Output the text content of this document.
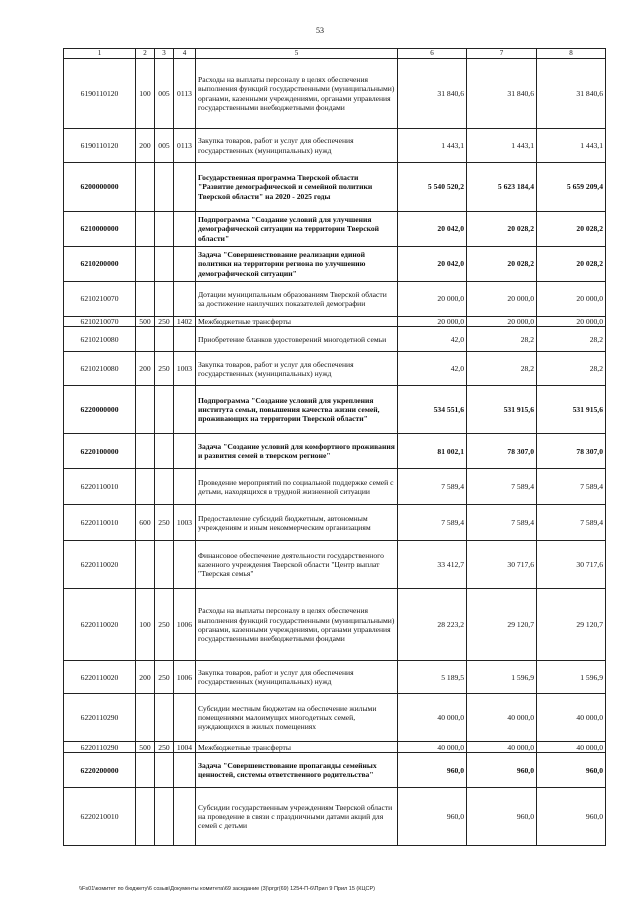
53
1	2	3	4	5	6	7	8
6190110120	100	005	0113	Расходы на выплаты персоналу в целях обеспечения выполнения функций государственными (муниципальными) органами, казенными учреждениями, органами управления государственными внебюджетными фондами	31 840,6	31 840,6	31 840,6
6190110120	200	005	0113	Закупка товаров, работ и услуг для обеспечения государственных (муниципальных) нужд	1 443,1	1 443,1	1 443,1
6200000000				Государственная программа Тверской области "Развитие демографической и семейной политики Тверской области" на 2020 - 2025 годы	5 540 520,2	5 623 184,4	5 659 209,4
6210000000				Подпрограмма "Создание условий для улучшения демографической ситуации на территории Тверской области"	20 042,0	20 028,2	20 028,2
6210200000				Задача "Совершенствование реализации единой политики на территории региона по улучшению демографической ситуации"	20 042,0	20 028,2	20 028,2
6210210070				Дотации муниципальным образованиям Тверской области за достижение наилучших показателей демографии	20 000,0	20 000,0	20 000,0
6210210070	500	250	1402	Межбюджетные трансферты	20 000,0	20 000,0	20 000,0
6210210080				Приобретение бланков удостоверений многодетной семьи	42,0	28,2	28,2
6210210080	200	250	1003	Закупка товаров, работ и услуг для обеспечения государственных (муниципальных) нужд	42,0	28,2	28,2
6220000000				Подпрограмма "Создание условий для укрепления института семьи, повышения качества жизни семей, проживающих на территории Тверской области"	534 551,6	531 915,6	531 915,6
6220100000				Задача "Создание условий для комфортного проживания и развития семей в тверском регионе"	81 002,1	78 307,0	78 307,0
6220110010				Проведение мероприятий по социальной поддержке семей с детьми, находящихся в трудной жизненной ситуации	7 589,4	7 589,4	7 589,4
6220110010	600	250	1003	Предоставление субсидий бюджетным, автономным учреждениям и иным некоммерческим организациям	7 589,4	7 589,4	7 589,4
6220110020				Финансовое обеспечение деятельности государственного казенного учреждения Тверской области "Центр выплат "Тверская семья"	33 412,7	30 717,6	30 717,6
6220110020	100	250	1006	Расходы на выплаты персоналу в целях обеспечения выполнения функций государственными (муниципальными) органами, казенными учреждениями, органами управления государственными внебюджетными фондами	28 223,2	29 120,7	29 120,7
6220110020	200	250	1006	Закупка товаров, работ и услуг для обеспечения государственных (муниципальных) нужд	5 189,5	1 596,9	1 596,9
6220110290				Субсидии местным бюджетам на обеспечение жилыми помещениями малоимущих многодетных семей, нуждающихся в жилых помещениях	40 000,0	40 000,0	40 000,0
6220110290	500	250	1004	Межбюджетные трансферты	40 000,0	40 000,0	40 000,0
6220200000				Задача "Совершенствование пропаганды семейных ценностей, системы ответственного родительства"	960,0	960,0	960,0
6220210010				Субсидии государственным учреждениям Тверской области на проведение в связи с праздничными датами акций для семей с детьми	960,0	960,0	960,0
\\Fs01\комитет по бюджету\6 созыв\Документы комитета\69 заседание (3)\prgr(69) 1254-П-6\Прил 9 Прил 15 (КЦСР)
